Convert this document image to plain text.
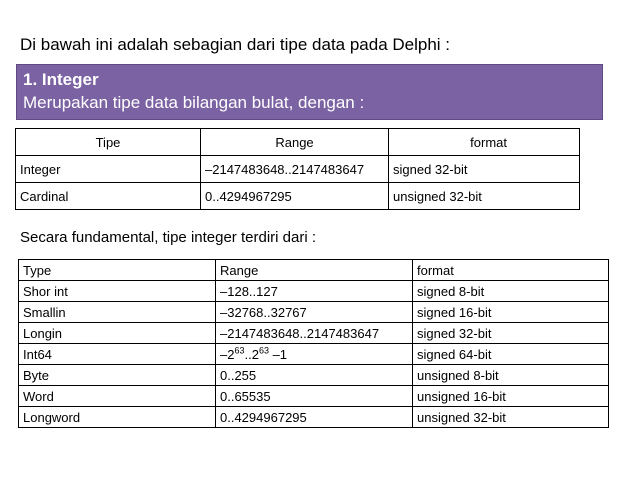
Di bawah ini adalah sebagian dari tipe data pada Delphi :
1. Integer
Merupakan tipe data bilangan bulat, dengan :
Tipe	Range	format
Integer	–2147483648..2147483647	signed 32-bit
Cardinal	0..4294967295	unsigned 32-bit

Secara fundamental, tipe integer terdiri dari :

Type	Range	format
Shor int	–128..127	signed 8-bit
Smallin	–32768..32767	signed 16-bit
Longin	–2147483648..2147483647	signed 32-bit
Int64	$-2^{63}..2^{63}$ –1	signed 64-bit
Byte	0..255	unsigned 8-bit
Word	0..65535	unsigned 16-bit
Longword	0..4294967295	unsigned 32-bit
